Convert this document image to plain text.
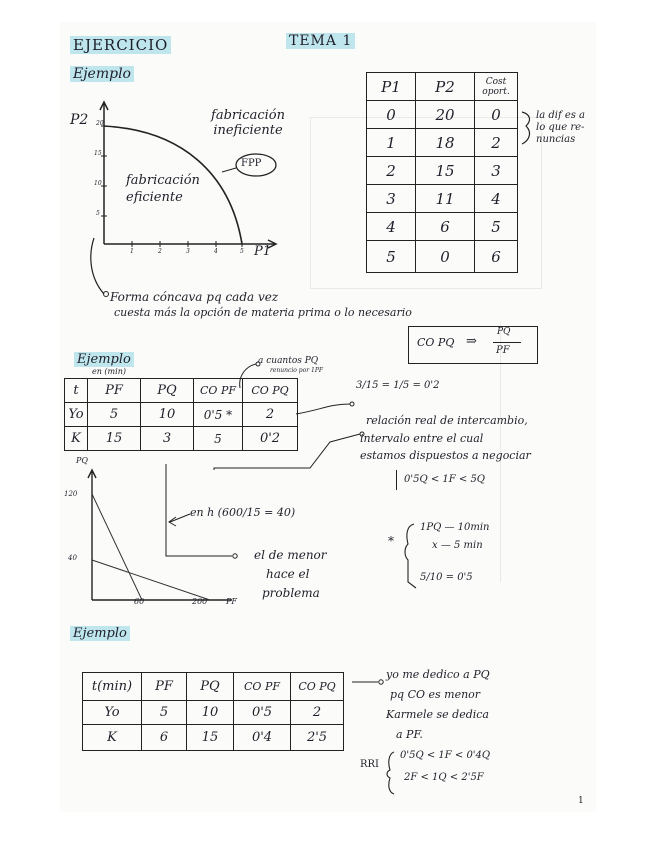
EJERCICIO	TEMA 1
Ejemplo
P2
P1
20
15
10
5
1	2	3	4	5
fabricación ineficiente
fabricación eficiente
FPP
P1	P2	Cost oport.
0	20	0
1	18	2
2	15	3
3	11	4
4	6	5
5	0	6
la dif es a lo que re-nuncias
Forma cóncava pq cada vez
cuesta más la opción de materia prima o lo necesario
Ejemplo
en (min)
a cuantos PQ
renuncio por 1PF
CO PQ ⇒
PQ
PF
t	PF	PQ	CO PF	CO PQ
Yo	5	10	0'5 *	2
K	15	3	5	0'2
3/15 = 1/5 = 0'2
relación real de intercambio,
intervalo entre el cual
estamos dispuestos a negociar
0'5Q < 1F < 5Q
PQ
120
40
60	200 PF
en h (600/15 = 40)
el de menor
hace el
problema
*
1PQ — 10min
x — 5 min
5/10 = 0'5
Ejemplo
t(min)	PF	PQ	CO PF	CO PQ
Yo	5	10	0'5	2
K	6	15	0'4	2'5
yo me dedico a PQ
pq CO es menor
Karmele se dedica
a PF.
RRI
0'5Q < 1F < 0'4Q
2F < 1Q < 2'5F
1
